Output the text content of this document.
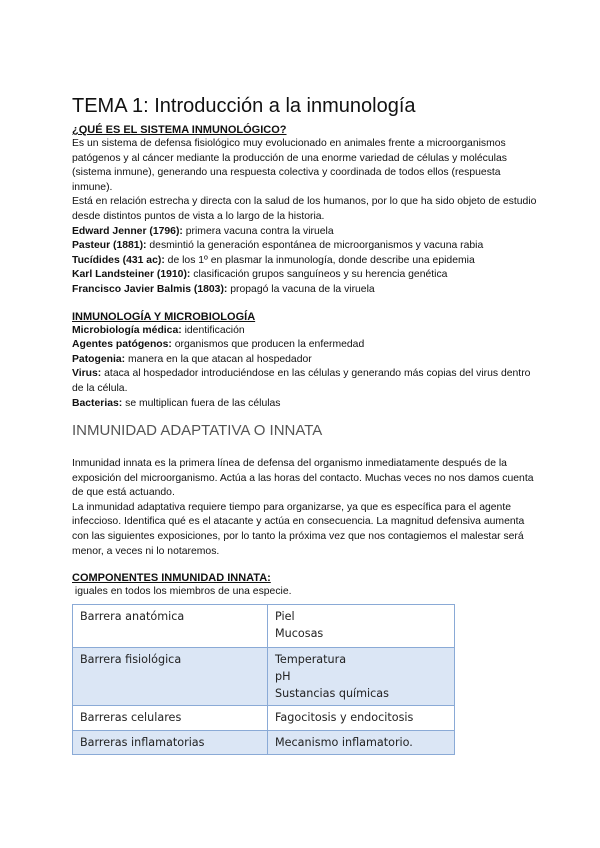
TEMA 1: Introducción a la inmunología

¿QUÉ ES EL SISTEMA INMUNOLÓGICO?

Es un sistema de defensa fisiológico muy evolucionado en animales frente a microorganismos patógenos y al cáncer mediante la producción de una enorme variedad de células y moléculas (sistema inmune), generando una respuesta colectiva y coordinada de todos ellos (respuesta inmune).

Está en relación estrecha y directa con la salud de los humanos, por lo que ha sido objeto de estudio desde distintos puntos de vista a lo largo de la historia.

Edward Jenner (1796): primera vacuna contra la viruela

Pasteur (1881): desmintió la generación espontánea de microorganismos y vacuna rabia

Tucídides (431 ac): de los 1º en plasmar la inmunología, donde describe una epidemia

Karl Landsteiner (1910): clasificación grupos sanguíneos y su herencia genética

Francisco Javier Balmis (1803): propagó la vacuna de la viruela

INMUNOLOGÍA Y MICROBIOLOGÍA

Microbiología médica: identificación

Agentes patógenos: organismos que producen la enfermedad

Patogenia: manera en la que atacan al hospedador

Virus: ataca al hospedador introduciéndose en las células y generando más copias del virus dentro de la célula.

Bacterias: se multiplican fuera de las células

INMUNIDAD ADAPTATIVA O INNATA

Inmunidad innata es la primera línea de defensa del organismo inmediatamente después de la exposición del microorganismo. Actúa a las horas del contacto. Muchas veces no nos damos cuenta de que está actuando.

La inmunidad adaptativa requiere tiempo para organizarse, ya que es específica para el agente infeccioso. Identifica qué es el atacante y actúa en consecuencia. La magnitud defensiva aumenta con las siguientes exposiciones, por lo tanto la próxima vez que nos contagiemos el malestar será menor, a veces ni lo notaremos.

COMPONENTES INMUNIDAD INNATA:

iguales en todos los miembros de una especie.

Barrera anatómica	Piel
Mucosas

Barrera fisiológica	Temperatura
pH
Sustancias químicas

Barreras celulares	Fagocitosis y endocitosis

Barreras inflamatorias	Mecanismo inflamatorio.
